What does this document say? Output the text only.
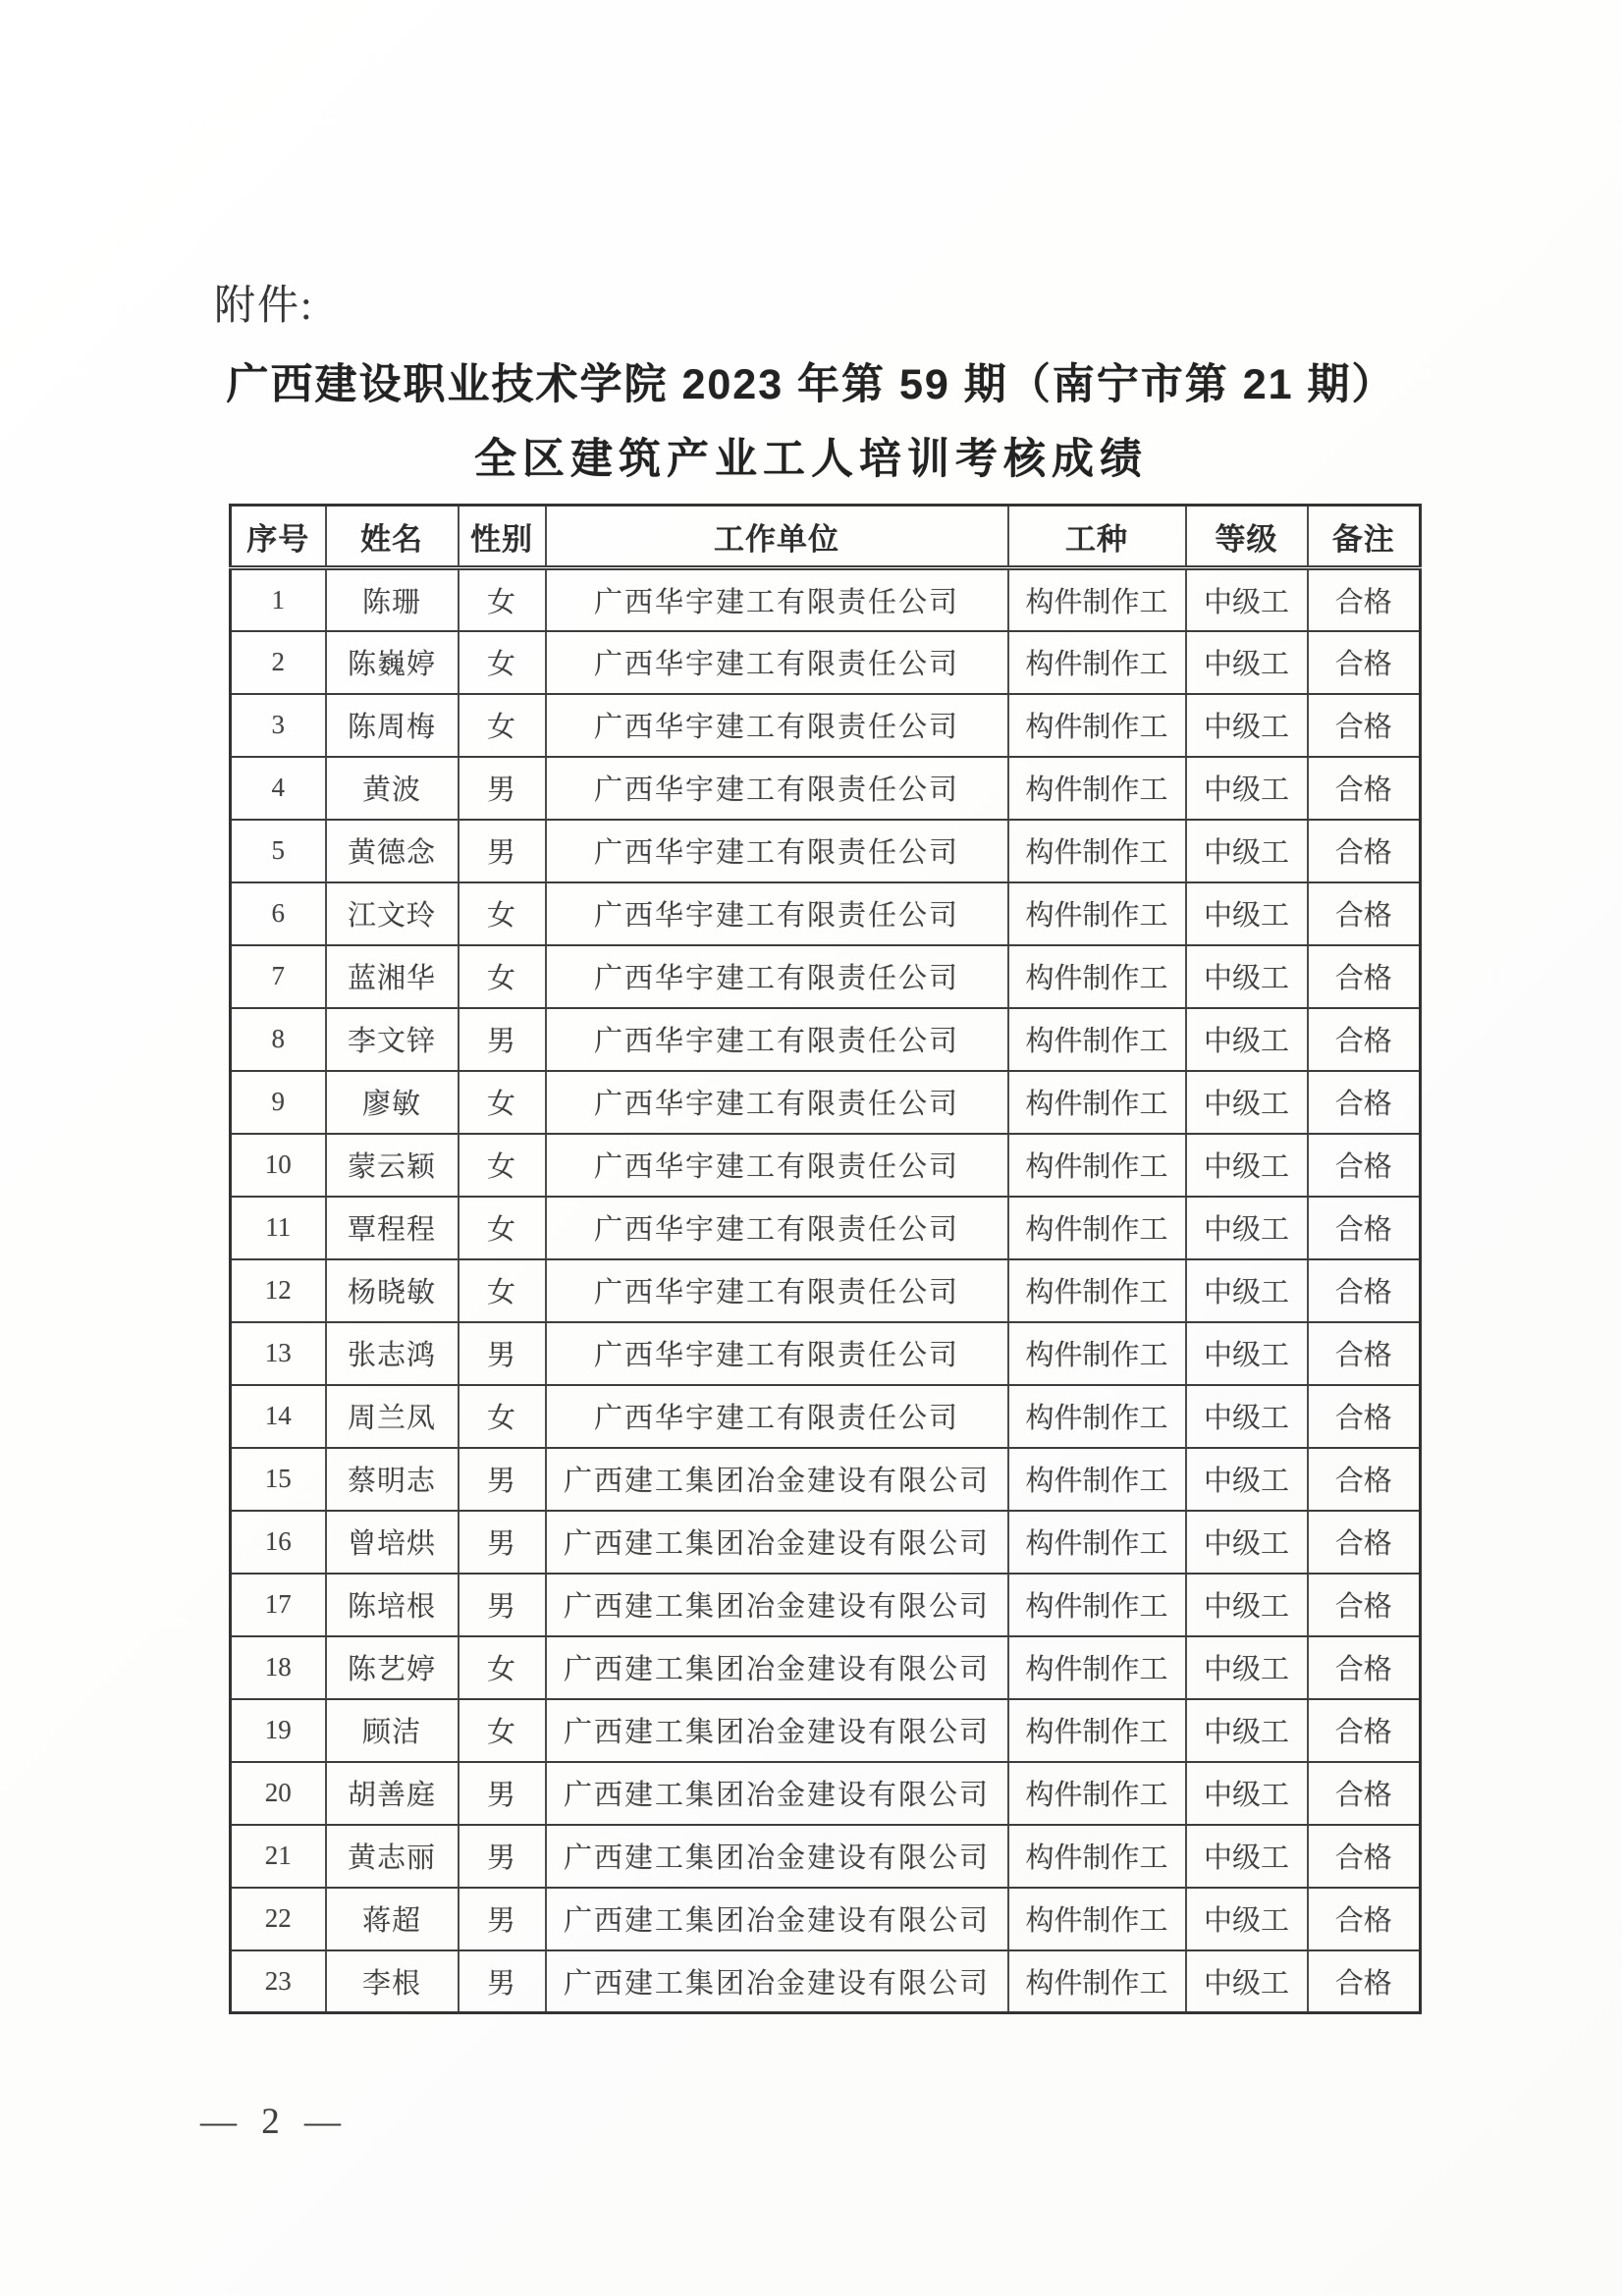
附件:
广西建设职业技术学院 2023 年第 59 期（南宁市第 21 期）
全区建筑产业工人培训考核成绩
序号	姓名	性别	工作单位	工种	等级	备注
1	陈珊	女	广西华宇建工有限责任公司	构件制作工	中级工	合格
2	陈巍婷	女	广西华宇建工有限责任公司	构件制作工	中级工	合格
3	陈周梅	女	广西华宇建工有限责任公司	构件制作工	中级工	合格
4	黄波	男	广西华宇建工有限责任公司	构件制作工	中级工	合格
5	黄德念	男	广西华宇建工有限责任公司	构件制作工	中级工	合格
6	江文玲	女	广西华宇建工有限责任公司	构件制作工	中级工	合格
7	蓝湘华	女	广西华宇建工有限责任公司	构件制作工	中级工	合格
8	李文锌	男	广西华宇建工有限责任公司	构件制作工	中级工	合格
9	廖敏	女	广西华宇建工有限责任公司	构件制作工	中级工	合格
10	蒙云颖	女	广西华宇建工有限责任公司	构件制作工	中级工	合格
11	覃程程	女	广西华宇建工有限责任公司	构件制作工	中级工	合格
12	杨晓敏	女	广西华宇建工有限责任公司	构件制作工	中级工	合格
13	张志鸿	男	广西华宇建工有限责任公司	构件制作工	中级工	合格
14	周兰凤	女	广西华宇建工有限责任公司	构件制作工	中级工	合格
15	蔡明志	男	广西建工集团冶金建设有限公司	构件制作工	中级工	合格
16	曾培烘	男	广西建工集团冶金建设有限公司	构件制作工	中级工	合格
17	陈培根	男	广西建工集团冶金建设有限公司	构件制作工	中级工	合格
18	陈艺婷	女	广西建工集团冶金建设有限公司	构件制作工	中级工	合格
19	顾洁	女	广西建工集团冶金建设有限公司	构件制作工	中级工	合格
20	胡善庭	男	广西建工集团冶金建设有限公司	构件制作工	中级工	合格
21	黄志丽	男	广西建工集团冶金建设有限公司	构件制作工	中级工	合格
22	蒋超	男	广西建工集团冶金建设有限公司	构件制作工	中级工	合格
23	李根	男	广西建工集团冶金建设有限公司	构件制作工	中级工	合格
— 2 —
